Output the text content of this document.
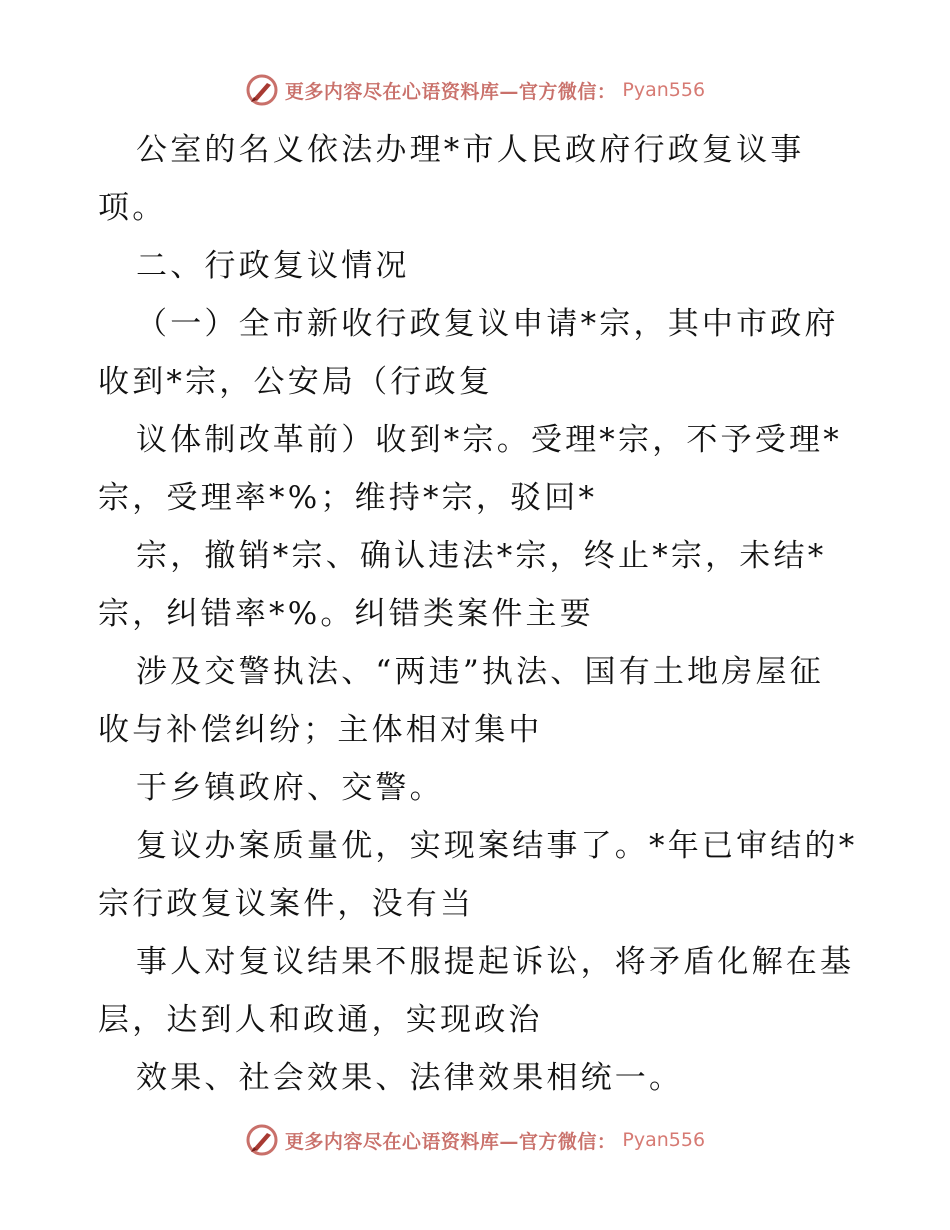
更多内容尽在心语资料库—官方微信： Pyan556
公室的名义依法办理*市人民政府行政复议事
项。
二、行政复议情况
（一）全市新收行政复议申请*宗，其中市政府
收到*宗，公安局（行政复
议体制改革前）收到*宗。受理*宗，不予受理*
宗，受理率*%；维持*宗，驳回*
宗，撤销*宗、确认违法*宗，终止*宗，未结*
宗，纠错率*%。纠错类案件主要
涉及交警执法、“两违”执法、国有土地房屋征
收与补偿纠纷；主体相对集中
于乡镇政府、交警。
复议办案质量优，实现案结事了。*年已审结的*
宗行政复议案件，没有当
事人对复议结果不服提起诉讼，将矛盾化解在基
层，达到人和政通，实现政治
效果、社会效果、法律效果相统一。
更多内容尽在心语资料库—官方微信： Pyan556
